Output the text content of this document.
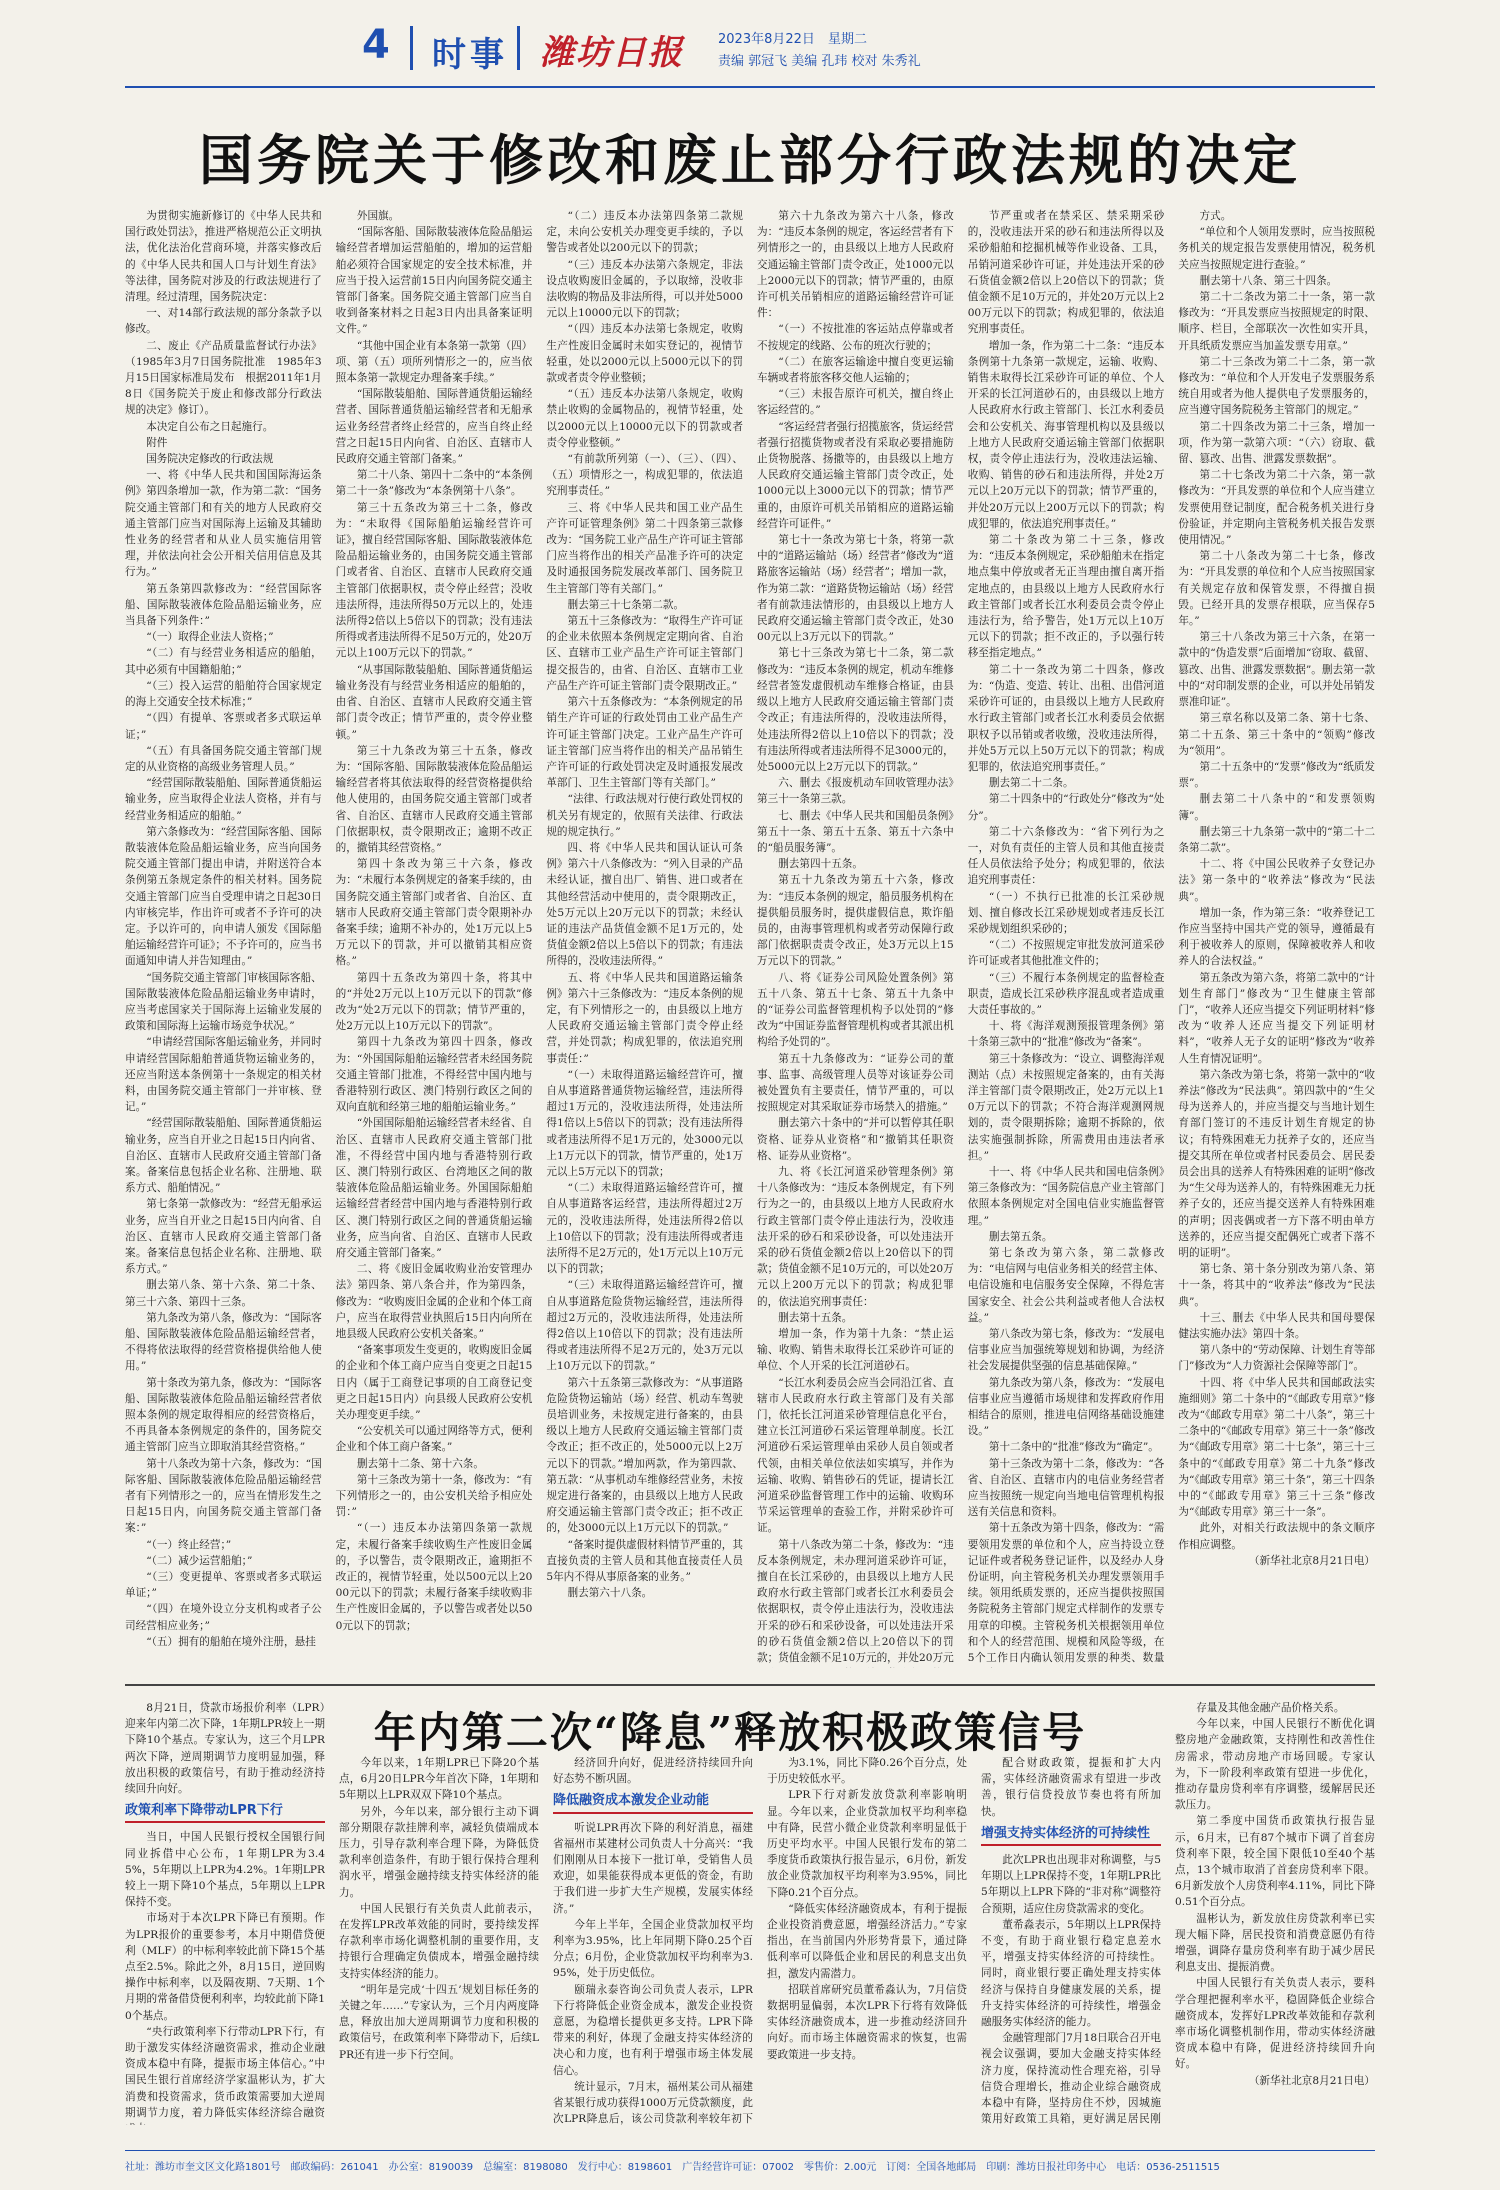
4 时事 潍坊日报	2023年8月22日 星期二
责编 郭冠飞 美编 孔玮 校对 朱秀礼
国务院关于修改和废止部分行政法规的决定

为贯彻实施新修订的《中华人民共和国行政处罚法》，推进严格规范公正文明执法，优化法治化营商环境，并落实修改后的《中华人民共和国人口与计划生育法》等法律，国务院对涉及的行政法规进行了清理。经过清理，国务院决定：

一、对14部行政法规的部分条款予以修改。

二、废止《产品质量监督试行办法》（1985年3月7日国务院批准　1985年3月15日国家标准局发布　根据2011年1月8日《国务院关于废止和修改部分行政法规的决定》修订）。

本决定自公布之日起施行。

附件

国务院决定修改的行政法规

一、将《中华人民共和国国际海运条例》第四条增加一款，作为第二款：“国务院交通主管部门和有关的地方人民政府交通主管部门应当对国际海上运输及其辅助性业务的经营者和从业人员实施信用管理，并依法向社会公开相关信用信息及其行为。”

第五条第四款修改为：“经营国际客船、国际散装液体危险品船运输业务，应当具备下列条件：”

“（一）取得企业法人资格；”

“（二）有与经营业务相适应的船舶，其中必须有中国籍船舶；”

“（三）投入运营的船舶符合国家规定的海上交通安全技术标准；”

“（四）有提单、客票或者多式联运单证；”

“（五）有具备国务院交通主管部门规定的从业资格的高级业务管理人员。”

“经营国际散装船舶、国际普通货船运输业务，应当取得企业法人资格，并有与经营业务相适应的船舶。”

第六条修改为：“经营国际客船、国际散装液体危险品船运输业务，应当向国务院交通主管部门提出申请，并附送符合本条例第五条规定条件的相关材料。国务院交通主管部门应当自受理申请之日起30日内审核完毕，作出许可或者不予许可的决定。予以许可的，向申请人颁发《国际船舶运输经营许可证》；不予许可的，应当书面通知申请人并告知理由。”

“国务院交通主管部门审核国际客船、国际散装液体危险品船运输业务申请时，应当考虑国家关于国际海上运输业发展的政策和国际海上运输市场竞争状况。”

“申请经营国际客船运输业务，并同时申请经营国际船舶普通货物运输业务的，还应当附送本条例第十一条规定的相关材料，由国务院交通主管部门一并审核、登记。”

“经营国际散装船舶、国际普通货船运输业务，应当自开业之日起15日内向省、自治区、直辖市人民政府交通主管部门备案。备案信息包括企业名称、注册地、联系方式、船舶情况。”

第七条第一款修改为：“经营无船承运业务，应当自开业之日起15日内向省、自治区、直辖市人民政府交通主管部门备案。备案信息包括企业名称、注册地、联系方式。”

删去第八条、第十六条、第二十条、第三十六条、第四十三条。

第九条改为第八条，修改为：“国际客船、国际散装液体危险品船运输经营者，不得将依法取得的经营资格提供给他人使用。”

第十条改为第九条，修改为：“国际客船、国际散装液体危险品船运输经营者依照本条例的规定取得相应的经营资格后，不再具备本条例规定的条件的，国务院交通主管部门应当立即取消其经营资格。”

第十八条改为第十六条，修改为：“国际客船、国际散装液体危险品船运输经营者有下列情形之一的，应当在情形发生之日起15日内，向国务院交通主管部门备案：”

“（一）终止经营；”

“（二）减少运营船舶；”

“（三）变更提单、客票或者多式联运单证；”

“（四）在境外设立分支机构或者子公司经营相应业务；”

“（五）拥有的船舶在境外注册，悬挂

外国旗。

“国际客船、国际散装液体危险品船运输经营者增加运营船舶的，增加的运营船舶必须符合国家规定的安全技术标准，并应当于投入运营前15日内向国务院交通主管部门备案。国务院交通主管部门应当自收到备案材料之日起3日内出具备案证明文件。”

“其他中国企业有本条第一款第（四）项、第（五）项所列情形之一的，应当依照本条第一款规定办理备案手续。”

“国际散装船舶、国际普通货船运输经营者、国际普通货船运输经营者和无船承运业务经营者终止经营的，应当自终止经营之日起15日内向省、自治区、直辖市人民政府交通主管部门备案。”

第二十八条、第四十二条中的“本条例第二十一条”修改为“本条例第十八条”。

第三十五条改为第三十二条，修改为：“未取得《国际船舶运输经营许可证》，擅自经营国际客船、国际散装液体危险品船运输业务的，由国务院交通主管部门或者省、自治区、直辖市人民政府交通主管部门依据职权，责令停止经营；没收违法所得，违法所得50万元以上的，处违法所得2倍以上5倍以下的罚款；没有违法所得或者违法所得不足50万元的，处20万元以上100万元以下的罚款。”

“从事国际散装船舶、国际普通货船运输业务没有与经营业务相适应的船舶的，由省、自治区、直辖市人民政府交通主管部门责令改正；情节严重的，责令停业整顿。”

第三十九条改为第三十五条，修改为：“国际客船、国际散装液体危险品船运输经营者将其依法取得的经营资格提供给他人使用的，由国务院交通主管部门或者省、自治区、直辖市人民政府交通主管部门依据职权，责令限期改正；逾期不改正的，撤销其经营资格。”

第四十条改为第三十六条，修改为：“未履行本条例规定的备案手续的，由国务院交通主管部门或者省、自治区、直辖市人民政府交通主管部门责令限期补办备案手续；逾期不补办的，处1万元以上5万元以下的罚款，并可以撤销其相应资格。”

第四十五条改为第四十条，将其中的“并处2万元以上10万元以下的罚款”修改为“处2万元以下的罚款；情节严重的，处2万元以上10万元以下的罚款”。

第四十九条改为第四十四条，修改为：“外国国际船舶运输经营者未经国务院交通主管部门批准，不得经营中国内地与香港特别行政区、澳门特别行政区之间的双向直航和经第三地的船舶运输业务。”

“外国国际船舶运输经营者未经省、自治区、直辖市人民政府交通主管部门批准，不得经营中国内地与香港特别行政区、澳门特别行政区、台湾地区之间的散装液体危险品船运输业务。外国国际船舶运输经营者经营中国内地与香港特别行政区、澳门特别行政区之间的普通货船运输业务，应当向省、自治区、直辖市人民政府交通主管部门备案。”

二、将《废旧金属收购业治安管理办法》第四条、第八条合并，作为第四条，修改为：“收购废旧金属的企业和个体工商户，应当在取得营业执照后15日内向所在地县级人民政府公安机关备案。”

“备案事项发生变更的，收购废旧金属的企业和个体工商户应当自变更之日起15日内（属于工商登记事项的自工商登记变更之日起15日内）向县级人民政府公安机关办理变更手续。”

“公安机关可以通过网络等方式，便利企业和个体工商户备案。”

删去第十二条、第十六条。

第十三条改为第十一条，修改为：“有下列情形之一的，由公安机关给予相应处罚：”

“（一）违反本办法第四条第一款规定，未履行备案手续收购生产性废旧金属的，予以警告，责令限期改正，逾期拒不改正的，视情节轻重，处以500元以上2000元以下的罚款；未履行备案手续收购非生产性废旧金属的，予以警告或者处以500元以下的罚款；

“（二）违反本办法第四条第二款规定，未向公安机关办理变更手续的，予以警告或者处以200元以下的罚款；

“（三）违反本办法第六条规定，非法设点收购废旧金属的，予以取缔，没收非法收购的物品及非法所得，可以并处5000元以上10000元以下的罚款；

“（四）违反本办法第七条规定，收购生产性废旧金属时未如实登记的，视情节轻重，处以2000元以上5000元以下的罚款或者责令停业整顿；

“（五）违反本办法第八条规定，收购禁止收购的金属物品的，视情节轻重，处以2000元以上10000元以下的罚款或者责令停业整顿。”

“有前款所列第（一）、（三）、（四）、（五）项情形之一，构成犯罪的，依法追究刑事责任。”

三、将《中华人民共和国工业产品生产许可证管理条例》第二十四条第三款修改为：“国务院工业产品生产许可证主管部门应当将作出的相关产品准予许可的决定及时通报国务院发展改革部门、国务院卫生主管部门等有关部门。”

删去第三十七条第二款。

第五十三条修改为：“取得生产许可证的企业未依照本条例规定定期向省、自治区、直辖市工业产品生产许可证主管部门提交报告的，由省、自治区、直辖市工业产品生产许可证主管部门责令限期改正。”

第六十五条修改为：“本条例规定的吊销生产许可证的行政处罚由工业产品生产许可证主管部门决定。工业产品生产许可证主管部门应当将作出的相关产品吊销生产许可证的行政处罚决定及时通报发展改革部门、卫生主管部门等有关部门。”

“法律、行政法规对行使行政处罚权的机关另有规定的，依照有关法律、行政法规的规定执行。”

四、将《中华人民共和国认证认可条例》第六十八条修改为：“列入目录的产品未经认证，擅自出厂、销售、进口或者在其他经营活动中使用的，责令限期改正，处5万元以上20万元以下的罚款；未经认证的违法产品货值金额不足1万元的，处货值金额2倍以上5倍以下的罚款；有违法所得的，没收违法所得。”

五、将《中华人民共和国道路运输条例》第六十三条修改为：“违反本条例的规定，有下列情形之一的，由县级以上地方人民政府交通运输主管部门责令停止经营，并处罚款；构成犯罪的，依法追究刑事责任：”

“（一）未取得道路运输经营许可，擅自从事道路普通货物运输经营，违法所得超过1万元的，没收违法所得，处违法所得1倍以上5倍以下的罚款；没有违法所得或者违法所得不足1万元的，处3000元以上1万元以下的罚款，情节严重的，处1万元以上5万元以下的罚款；

“（二）未取得道路运输经营许可，擅自从事道路客运经营，违法所得超过2万元的，没收违法所得，处违法所得2倍以上10倍以下的罚款；没有违法所得或者违法所得不足2万元的，处1万元以上10万元以下的罚款；

“（三）未取得道路运输经营许可，擅自从事道路危险货物运输经营，违法所得超过2万元的，没收违法所得，处违法所得2倍以上10倍以下的罚款；没有违法所得或者违法所得不足2万元的，处3万元以上10万元以下的罚款。”

第六十五条第三款修改为：“从事道路危险货物运输站（场）经营、机动车驾驶员培训业务，未按规定进行备案的，由县级以上地方人民政府交通运输主管部门责令改正；拒不改正的，处5000元以上2万元以下的罚款。”增加两款，作为第四款、第五款：“从事机动车维修经营业务，未按规定进行备案的，由县级以上地方人民政府交通运输主管部门责令改正；拒不改正的，处3000元以上1万元以下的罚款。”

“备案时提供虚假材料情节严重的，其直接负责的主管人员和其他直接责任人员5年内不得从事原备案的业务。”

删去第六十八条。

第六十九条改为第六十八条，修改为：“违反本条例的规定，客运经营者有下列情形之一的，由县级以上地方人民政府交通运输主管部门责令改正，处1000元以上2000元以下的罚款；情节严重的，由原许可机关吊销相应的道路运输经营许可证件：

“（一）不按批准的客运站点停靠或者不按规定的线路、公布的班次行驶的；

“（二）在旅客运输途中擅自变更运输车辆或者将旅客移交他人运输的；

“（三）未报告原许可机关，擅自终止客运经营的。”

“客运经营者强行招揽旅客，货运经营者强行招揽货物或者没有采取必要措施防止货物脱落、扬撒等的，由县级以上地方人民政府交通运输主管部门责令改正，处1000元以上3000元以下的罚款；情节严重的，由原许可机关吊销相应的道路运输经营许可证件。”

第七十一条改为第七十条，将第一款中的“道路运输站（场）经营者”修改为“道路旅客运输站（场）经营者”；增加一款，作为第二款：“道路货物运输站（场）经营者有前款违法情形的，由县级以上地方人民政府交通运输主管部门责令改正，处3000元以上3万元以下的罚款。”

第七十三条改为第七十二条，第二款修改为：“违反本条例的规定，机动车维修经营者签发虚假机动车维修合格证，由县级以上地方人民政府交通运输主管部门责令改正；有违法所得的，没收违法所得，处违法所得2倍以上10倍以下的罚款；没有违法所得或者违法所得不足3000元的，处5000元以上2万元以下的罚款。”

六、删去《报废机动车回收管理办法》第三十一条第三款。

七、删去《中华人民共和国船员条例》第五十一条、第五十五条、第五十六条中的“船员服务簿”。

删去第四十五条。

第五十九条改为第五十六条，修改为：“违反本条例的规定，船员服务机构在提供船员服务时，提供虚假信息，欺诈船员的，由海事管理机构或者劳动保障行政部门依据职责责令改正，处3万元以上15万元以下的罚款。”

八、将《证券公司风险处置条例》第五十八条、第五十七条、第五十九条中的“证券公司监督管理机构予以处罚的”修改为“中国证券监督管理机构或者其派出机构给予处罚的”。

第五十九条修改为：“证券公司的董事、监事、高级管理人员等对该证券公司被处置负有主要责任，情节严重的，可以按照规定对其采取证券市场禁入的措施。”

删去第六十条中的“并可以暂停其任职资格、证券从业资格”和“撤销其任职资格、证券从业资格”。

九、将《长江河道采砂管理条例》第十八条修改为：“违反本条例规定，有下列行为之一的，由县级以上地方人民政府水行政主管部门责令停止违法行为，没收违法开采的砂石和采砂设备，可以处违法开采的砂石货值金额2倍以上20倍以下的罚款；货值金额不足10万元的，可以处20万元以上200万元以下的罚款；构成犯罪的，依法追究刑事责任：

删去第十五条。

增加一条，作为第十九条：“禁止运输、收购、销售未取得长江采砂许可证的单位、个人开采的长江河道砂石。

“长江水利委员会应当会同沿江省、直辖市人民政府水行政主管部门及有关部门，依托长江河道采砂管理信息化平台，建立长江河道砂石采运管理单制度。长江河道砂石采运管理单由采砂人员自领或者代领，由相关单位依法如实填写，并作为运输、收购、销售砂石的凭证，提请长江河道采砂监督管理工作中的运输、收购环节采运管理单的查验工作，并附采砂许可证。

第十八条改为第二十条，修改为：“违反本条例规定，未办理河道采砂许可证，擅自在长江采砂的，由县级以上地方人民政府水行政主管部门或者长江水利委员会依据职权，责令停止违法行为，没收违法开采的砂石和采砂设备，可以处违法开采的砂石货值金额2倍以上20倍以下的罚款；货值金额不足10万元的，并处20万元

节严重或者在禁采区、禁采期采砂的，没收违法开采的砂石和违法所得以及采砂船舶和挖掘机械等作业设备、工具，吊销河道采砂许可证，并处违法开采的砂石货值金额2倍以上20倍以下的罚款；货值金额不足10万元的，并处20万元以上200万元以下的罚款；构成犯罪的，依法追究刑事责任。

增加一条，作为第二十二条：“违反本条例第十九条第一款规定，运输、收购、销售未取得长江采砂许可证的单位、个人开采的长江河道砂石的，由县级以上地方人民政府水行政主管部门、长江水利委员会和公安机关、海事管理机构以及县级以上地方人民政府交通运输主管部门依据职权，责令停止违法行为，没收违法运输、收购、销售的砂石和违法所得，并处2万元以上20万元以下的罚款；情节严重的，并处20万元以上200万元以下的罚款；构成犯罪的，依法追究刑事责任。”

第二十条改为第二十三条，修改为：“违反本条例规定，采砂船舶未在指定地点集中停放或者无正当理由擅自离开指定地点的，由县级以上地方人民政府水行政主管部门或者长江水利委员会责令停止违法行为，给予警告，处1万元以上10万元以下的罚款；拒不改正的，予以强行转移至指定地点。”

第二十一条改为第二十四条，修改为：“伪造、变造、转让、出租、出借河道采砂许可证的，由县级以上地方人民政府水行政主管部门或者长江水利委员会依据职权予以吊销或者收缴，没收违法所得，并处5万元以上50万元以下的罚款；构成犯罪的，依法追究刑事责任。”

删去第二十二条。

第二十四条中的“行政处分”修改为“处分”。

第二十六条修改为：“省下列行为之一，对负有责任的主管人员和其他直接责任人员依法给予处分；构成犯罪的，依法追究刑事责任：

“（一）不执行已批准的长江采砂规划、擅自修改长江采砂规划或者违反长江采砂规划组织采砂的；

“（二）不按照规定审批发放河道采砂许可证或者其他批准文件的；

“（三）不履行本条例规定的监督检查职责，造成长江采砂秩序混乱或者造成重大责任事故的。”

十、将《海洋观测预报管理条例》第十条第三款中的“批准”修改为“备案”。

第三十条修改为：“设立、调整海洋观测站（点）未按照规定备案的，由有关海洋主管部门责令限期改正，处2万元以上10万元以下的罚款；不符合海洋观测网规划的，责令限期拆除；逾期不拆除的，依法实施强制拆除，所需费用由违法者承担。”

十一、将《中华人民共和国电信条例》第三条修改为：“国务院信息产业主管部门依照本条例规定对全国电信业实施监督管理。”

删去第五条。

第七条改为第六条，第二款修改为：“电信网与电信业务相关的经营主体、电信设施和电信服务安全保障，不得危害国家安全、社会公共利益或者他人合法权益。”

第八条改为第七条，修改为：“发展电信事业应当加强统筹规划和协调，为经济社会发展提供坚强的信息基础保障。”

第九条改为第八条，修改为：“发展电信事业应当遵循市场规律和发挥政府作用相结合的原则，推进电信网络基础设施建设。”

第十二条中的“批准”修改为“确定”。

第十三条改为第十二条，修改为：“各省、自治区、直辖市内的电信业务经营者应当按照统一规定向当地电信管理机构报送有关信息和资料。

第十五条改为第十四条，修改为：“需要领用发票的单位和个人，应当持设立登记证件或者税务登记证件，以及经办人身份证明，向主管税务机关办理发票领用手续。领用纸质发票的，还应当提供按照国务院税务主管部门规定式样制作的发票专用章的印模。主管税务机关根据领用单位和个人的经营范围、规模和风险等级，在5个工作日内确认领用发票的种类、数量

方式。

“单位和个人领用发票时，应当按照税务机关的规定报告发票使用情况，税务机关应当按照规定进行查验。”

删去第十八条、第三十四条。

第二十二条改为第二十一条，第一款修改为：“开具发票应当按照规定的时限、顺序、栏目，全部联次一次性如实开具，开具纸质发票应当加盖发票专用章。”

第二十三条改为第二十二条，第一款修改为：“单位和个人开发电子发票服务系统自用或者为他人提供电子发票服务的，应当遵守国务院税务主管部门的规定。”

第二十四条改为第二十三条，增加一项，作为第一款第六项：“（六）窃取、截留、篡改、出售、泄露发票数据”。

第二十七条改为第二十六条，第一款修改为：“开具发票的单位和个人应当建立发票使用登记制度，配合税务机关进行身份验证，并定期向主管税务机关报告发票使用情况。”

第二十八条改为第二十七条，修改为：“开具发票的单位和个人应当按照国家有关规定存放和保管发票，不得擅自损毁。已经开具的发票存根联，应当保存5年。”

第三十八条改为第三十六条，在第一款中的“伪造发票”后面增加“窃取、截留、篡改、出售、泄露发票数据”。删去第一款中的“对印制发票的企业，可以并处吊销发票准印证”。

第三章名称以及第二条、第十七条、第二十五条、第三十条中的“领购”修改为“领用”。

第二十五条中的“发票”修改为“纸质发票”。

删去第二十八条中的“和发票领购簿”。

删去第三十九条第一款中的“第二十二条第二款”。

十二、将《中国公民收养子女登记办法》第一条中的“收养法”修改为“民法典”。

增加一条，作为第三条：“收养登记工作应当坚持中国共产党的领导，遵循最有利于被收养人的原则，保障被收养人和收养人的合法权益。”

第五条改为第六条，将第二款中的“计划生育部门”修改为“卫生健康主管部门”，“收养人还应当提交下列证明材料”修改为“收养人还应当提交下列证明材料”，“收养人无子女的证明”修改为“收养人生育情况证明”。

第六条改为第七条，将第一款中的“收养法”修改为“民法典”。第四款中的“生父母为送养人的，并应当提交与当地计划生育部门签订的不违反计划生育规定的协议；有特殊困难无力抚养子女的，还应当提交其所在单位或者村民委员会、居民委员会出具的送养人有特殊困难的证明”修改为“生父母为送养人的，有特殊困难无力抚养子女的，还应当提交送养人有特殊困难的声明；因丧偶或者一方下落不明由单方送养的，还应当提交配偶死亡或者下落不明的证明”。

第七条、第十条分别改为第八条、第十一条，将其中的“收养法”修改为“民法典”。

十三、删去《中华人民共和国母婴保健法实施办法》第四十条。

第八条中的“劳动保障、计划生育等部门”修改为“人力资源社会保障等部门”。

十四、将《中华人民共和国邮政法实施细则》第二十条中的“《邮政专用章》”修改为“《邮政专用章》第二十八条”，第三十二条中的“《邮政专用章》第三十一条”修改为“《邮政专用章》第二十七条”，第三十三条中的“《邮政专用章》第二十九条”修改为“《邮政专用章》第三十条”，第三十四条中的“《邮政专用章》第三十三条”修改为“《邮政专用章》第三十一条”。

此外，对相关行政法规中的条文顺序作相应调整。

（新华社北京8月21日电）

8月21日，贷款市场报价利率（LPR）迎来年内第二次下降，1年期LPR较上一期下降10个基点。专家认为，这三个月LPR两次下降，逆周期调节力度明显加强，释放出积极的政策信号，有助于推动经济持续回升向好。

政策利率下降带动LPR下行

当日，中国人民银行授权全国银行间同业拆借中心公布，1年期LPR为3.45%，5年期以上LPR为4.2%。1年期LPR较上一期下降10个基点，5年期以上LPR保持不变。

市场对于本次LPR下降已有预期。作为LPR报价的重要参考，本月中期借贷便利（MLF）的中标利率较此前下降15个基点至2.5%。除此之外，8月15日，逆回购操作中标利率，以及隔夜期、7天期、1个月期的常备借贷便利利率，均较此前下降10个基点。

“央行政策利率下行带动LPR下行，有助于激发实体经济融资需求，推动企业融资成本稳中有降，提振市场主体信心。”中国民生银行首席经济学家温彬认为，扩大消费和投资需求，货币政策需要加大逆周期调节力度，着力降低实体经济综合融资

今年以来，1年期LPR已下降20个基点，6月20日LPR今年首次下降，1年期和5年期以上LPR双双下降10个基点。

另外，今年以来，部分银行主动下调部分期限存款挂牌利率，减轻负债端成本压力，引导存款利率合理下降，为降低贷款利率创造条件，有助于银行保持合理利润水平，增强金融持续支持实体经济的能力。

中国人民银行有关负责人此前表示，在发挥LPR改革效能的同时，要持续发挥存款利率市场化调整机制的重要作用，支持银行合理确定负债成本，增强金融持续支持实体经济的能力。

“明年是完成‘十四五’规划目标任务的关键之年……”专家认为，三个月内两度降息，释放出加大逆周期调节力度和积极的政策信号，在政策利率下降带动下，后续LPR还有进一步下行空间。

经济回升向好，促进经济持续回升向好态势不断巩固。

降低融资成本激发企业动能

听说LPR再次下降的利好消息，福建省福州市某建材公司负责人十分高兴：“我们刚刚从日本接下一批订单，受销售人员欢迎，如果能获得成本更低的资金，有助于我们进一步扩大生产规模，发展实体经济。”

今年上半年，全国企业贷款加权平均利率为3.95%，比上年同期下降0.25个百分点；6月份，企业贷款加权平均利率为3.95%，处于历史低位。

颐瑞永泰咨询公司负责人表示，LPR下行将降低企业资金成本，激发企业投资意愿，为稳增长提供更多支持。LPR下降带来的利好，体现了金融支持实体经济的决心和力度，也有利于增强市场主体发展信心。

统计显示，7月末，福州某公司从福建省某银行成功获得1000万元贷款额度，此次LPR降息后，该公司贷款利率较年初下

为3.1%，同比下降0.26个百分点，处于历史较低水平。

LPR下行对新发放贷款利率影响明显。今年以来，企业贷款加权平均利率稳中有降，民营小微企业贷款利率明显低于历史平均水平。中国人民银行发布的第二季度货币政策执行报告显示，6月份，新发放企业贷款加权平均利率为3.95%，同比下降0.21个百分点。

“降低实体经济融资成本，有利于提振企业投资消费意愿，增强经济活力。”专家指出，在当前国内外形势背景下，通过降低利率可以降低企业和居民的利息支出负担，激发内需潜力。

招联首席研究员董希淼认为，7月信贷数据明显偏弱，本次LPR下行将有效降低实体经济融资成本，进一步推动经济回升向好。而市场主体融资需求的恢复，也需要政策进一步支持。

配合财政政策，提振和扩大内需，实体经济融资需求有望进一步改善，银行信贷投放节奏也将有所加快。

增强支持实体经济的可持续性

此次LPR也出现非对称调整，与5年期以上LPR保持不变，1年期LPR比5年期以上LPR下降的“非对称”调整符合预期，适应住房贷款需求的变化。

董希淼表示，5年期以上LPR保持不变，有助于商业银行稳定息差水平，增强支持实体经济的可持续性。同时，商业银行要正确处理支持实体经济与保持自身健康发展的关系，提升支持实体经济的可持续性，增强金融服务实体经济的能力。

金融管理部门7月18日联合召开电视会议强调，要加大金融支持实体经济力度，保持流动性合理充裕，引导信贷合理增长，推动企业综合融资成本稳中有降，坚持房住不炒，因城施策用好政策工具箱，更好满足居民刚

存量及其他金融产品价格关系。

今年以来，中国人民银行不断优化调整房地产金融政策，支持刚性和改善性住房需求，带动房地产市场回暖。专家认为，下一阶段利率政策有望进一步优化，推动存量房贷利率有序调整，缓解居民还款压力。

第二季度中国货币政策执行报告显示，6月末，已有87个城市下调了首套房贷利率下限，较全国下限低10至40个基点，13个城市取消了首套房贷利率下限。6月新发放个人房贷利率4.11%，同比下降0.51个百分点。

温彬认为，新发放住房贷款利率已实现大幅下降，居民投资和消费意愿仍有待增强，调降存量房贷利率有助于减少居民利息支出、提振消费。

中国人民银行有关负责人表示，要科学合理把握利率水平，稳固降低企业综合融资成本，发挥好LPR改革效能和存款利率市场化调整机制作用，带动实体经济融资成本稳中有降，促进经济持续回升向好。

（新华社北京8月21日电）

年内第二次“降息”释放积极政策信号
社址：潍坊市奎文区文化路1801号　邮政编码：261041　办公室：8190039　总编室：8198080　发行中心：8198601　广告经营许可证：07002　零售价：2.00元　订阅：全国各地邮局　印刷：潍坊日报社印务中心　电话：0536-2511515
